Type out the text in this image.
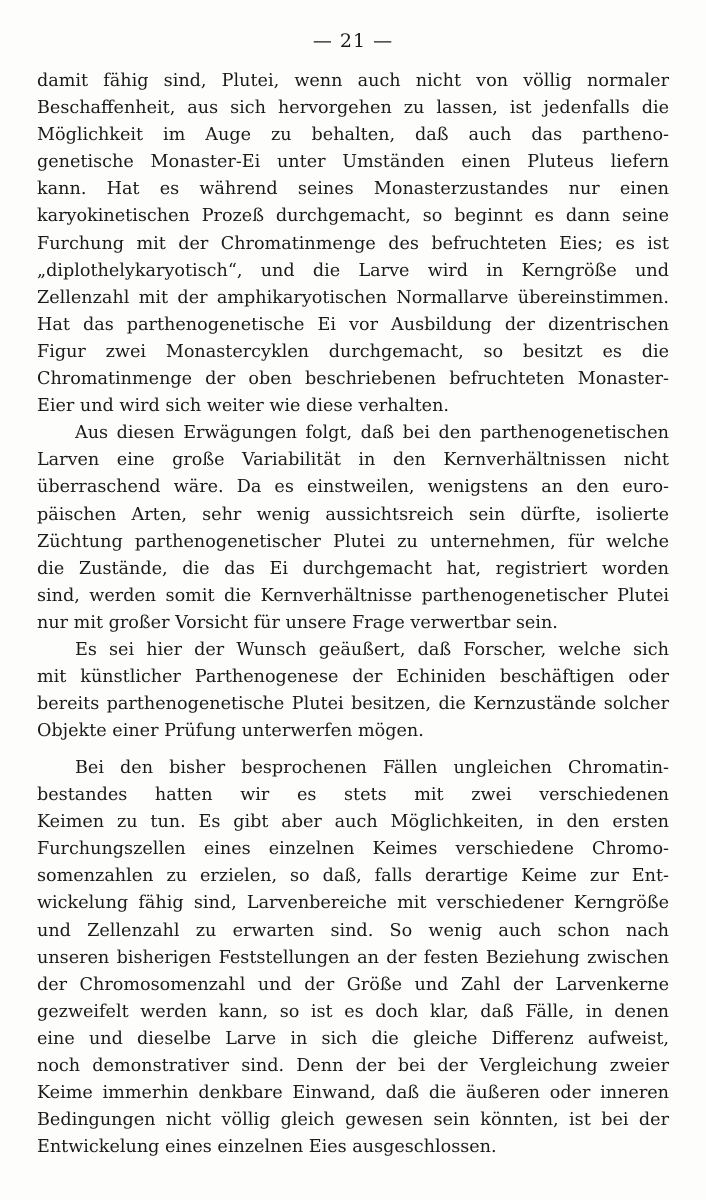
— 21 —
damit fähig sind, Plutei, wenn auch nicht von völlig normaler
Beschaffenheit, aus sich hervorgehen zu lassen, ist jedenfalls die
Möglichkeit im Auge zu behalten, daß auch das partheno-
genetische Monaster-Ei unter Umständen einen Pluteus liefern
kann. Hat es während seines Monasterzustandes nur einen
karyokinetischen Prozeß durchgemacht, so beginnt es dann seine
Furchung mit der Chromatinmenge des befruchteten Eies; es ist
„diplothelykaryotisch“, und die Larve wird in Kerngröße und
Zellenzahl mit der amphikaryotischen Normallarve übereinstimmen.
Hat das parthenogenetische Ei vor Ausbildung der dizentrischen
Figur zwei Monastercyklen durchgemacht, so besitzt es die
Chromatinmenge der oben beschriebenen befruchteten Monaster-
Eier und wird sich weiter wie diese verhalten.
Aus diesen Erwägungen folgt, daß bei den parthenogenetischen
Larven eine große Variabilität in den Kernverhältnissen nicht
überraschend wäre. Da es einstweilen, wenigstens an den euro-
päischen Arten, sehr wenig aussichtsreich sein dürfte, isolierte
Züchtung parthenogenetischer Plutei zu unternehmen, für welche
die Zustände, die das Ei durchgemacht hat, registriert worden
sind, werden somit die Kernverhältnisse parthenogenetischer Plutei
nur mit großer Vorsicht für unsere Frage verwertbar sein.
Es sei hier der Wunsch geäußert, daß Forscher, welche sich
mit künstlicher Parthenogenese der Echiniden beschäftigen oder
bereits parthenogenetische Plutei besitzen, die Kernzustände solcher
Objekte einer Prüfung unterwerfen mögen.
Bei den bisher besprochenen Fällen ungleichen Chromatin-
bestandes hatten wir es stets mit zwei verschiedenen
Keimen zu tun. Es gibt aber auch Möglichkeiten, in den ersten
Furchungszellen eines einzelnen Keimes verschiedene Chromo-
somenzahlen zu erzielen, so daß, falls derartige Keime zur Ent-
wickelung fähig sind, Larvenbereiche mit verschiedener Kerngröße
und Zellenzahl zu erwarten sind. So wenig auch schon nach
unseren bisherigen Feststellungen an der festen Beziehung zwischen
der Chromosomenzahl und der Größe und Zahl der Larvenkerne
gezweifelt werden kann, so ist es doch klar, daß Fälle, in denen
eine und dieselbe Larve in sich die gleiche Differenz aufweist,
noch demonstrativer sind. Denn der bei der Vergleichung zweier
Keime immerhin denkbare Einwand, daß die äußeren oder inneren
Bedingungen nicht völlig gleich gewesen sein könnten, ist bei der
Entwickelung eines einzelnen Eies ausgeschlossen.
